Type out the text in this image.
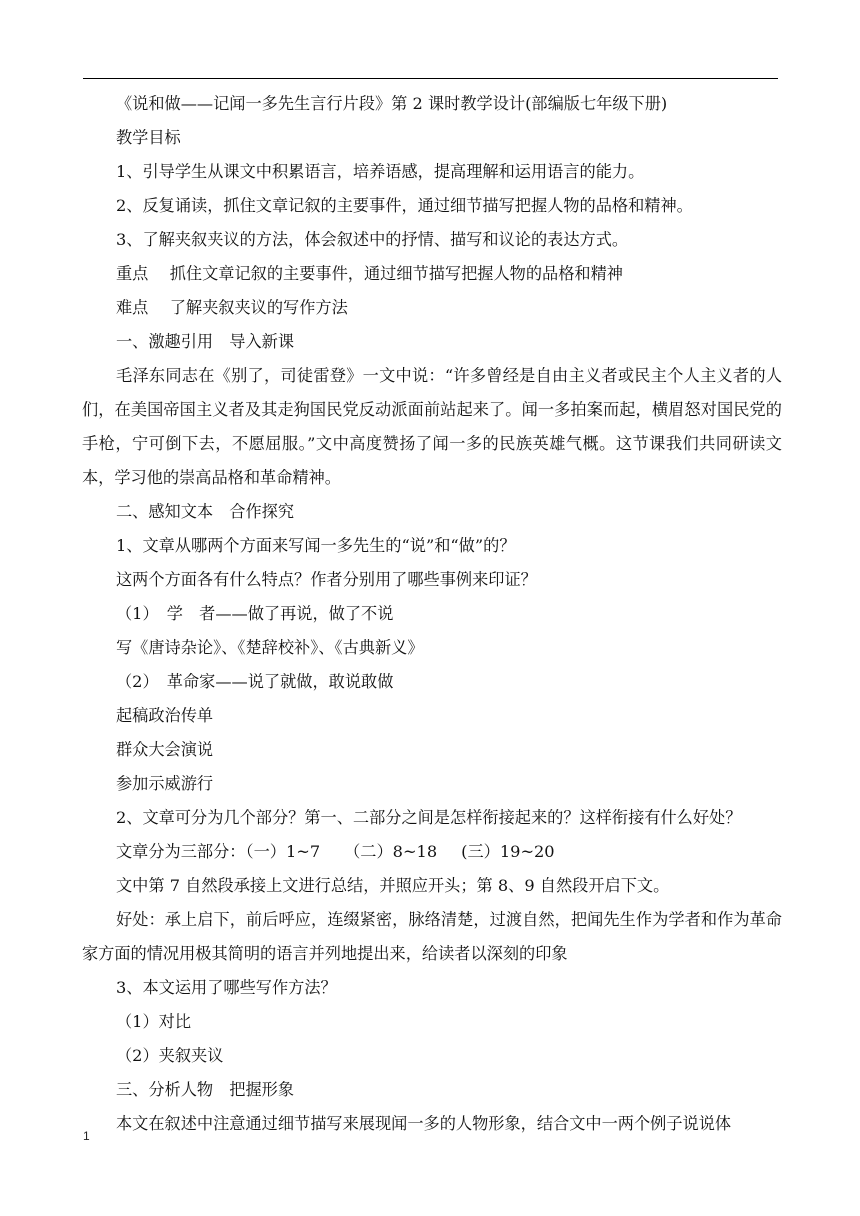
《说和做——记闻一多先生言行片段》第 2 课时教学设计(部编版七年级下册)

教学目标

1、引导学生从课文中积累语言，培养语感，提高理解和运用语言的能力。

2、反复诵读，抓住文章记叙的主要事件，通过细节描写把握人物的品格和精神。

3、了解夹叙夹议的方法，体会叙述中的抒情、描写和议论的表达方式。

重点　 抓住文章记叙的主要事件，通过细节描写把握人物的品格和精神

难点　 了解夹叙夹议的写作方法

一、激趣引用　导入新课

毛泽东同志在《别了，司徒雷登》一文中说：“许多曾经是自由主义者或民主个人主义者的人们，在美国帝国主义者及其走狗国民党反动派面前站起来了。闻一多拍案而起，横眉怒对国民党的手枪，宁可倒下去，不愿屈服。”文中高度赞扬了闻一多的民族英雄气概。这节课我们共同研读文本，学习他的崇高品格和革命精神。

二、感知文本　合作探究

1、文章从哪两个方面来写闻一多先生的“说”和“做”的？

这两个方面各有什么特点？作者分别用了哪些事例来印证？

（1）　学　者——做了再说，做了不说

写《唐诗杂论》、《楚辞校补》、《古典新义》

（2）　革命家——说了就做，敢说敢做

起稿政治传单

群众大会演说

参加示威游行

2、文章可分为几个部分？第一、二部分之间是怎样衔接起来的？这样衔接有什么好处？

文章分为三部分：（一）1~7 （二）8~18 (三）19~20

文中第 7 自然段承接上文进行总结，并照应开头；第 8、9 自然段开启下文。

好处：承上启下，前后呼应，连缀紧密，脉络清楚，过渡自然，把闻先生作为学者和作为革命家方面的情况用极其简明的语言并列地提出来，给读者以深刻的印象

3、本文运用了哪些写作方法？

（1）对比

（2）夹叙夹议

三、分析人物　把握形象

本文在叙述中注意通过细节描写来展现闻一多的人物形象，结合文中一两个例子说说体

1
